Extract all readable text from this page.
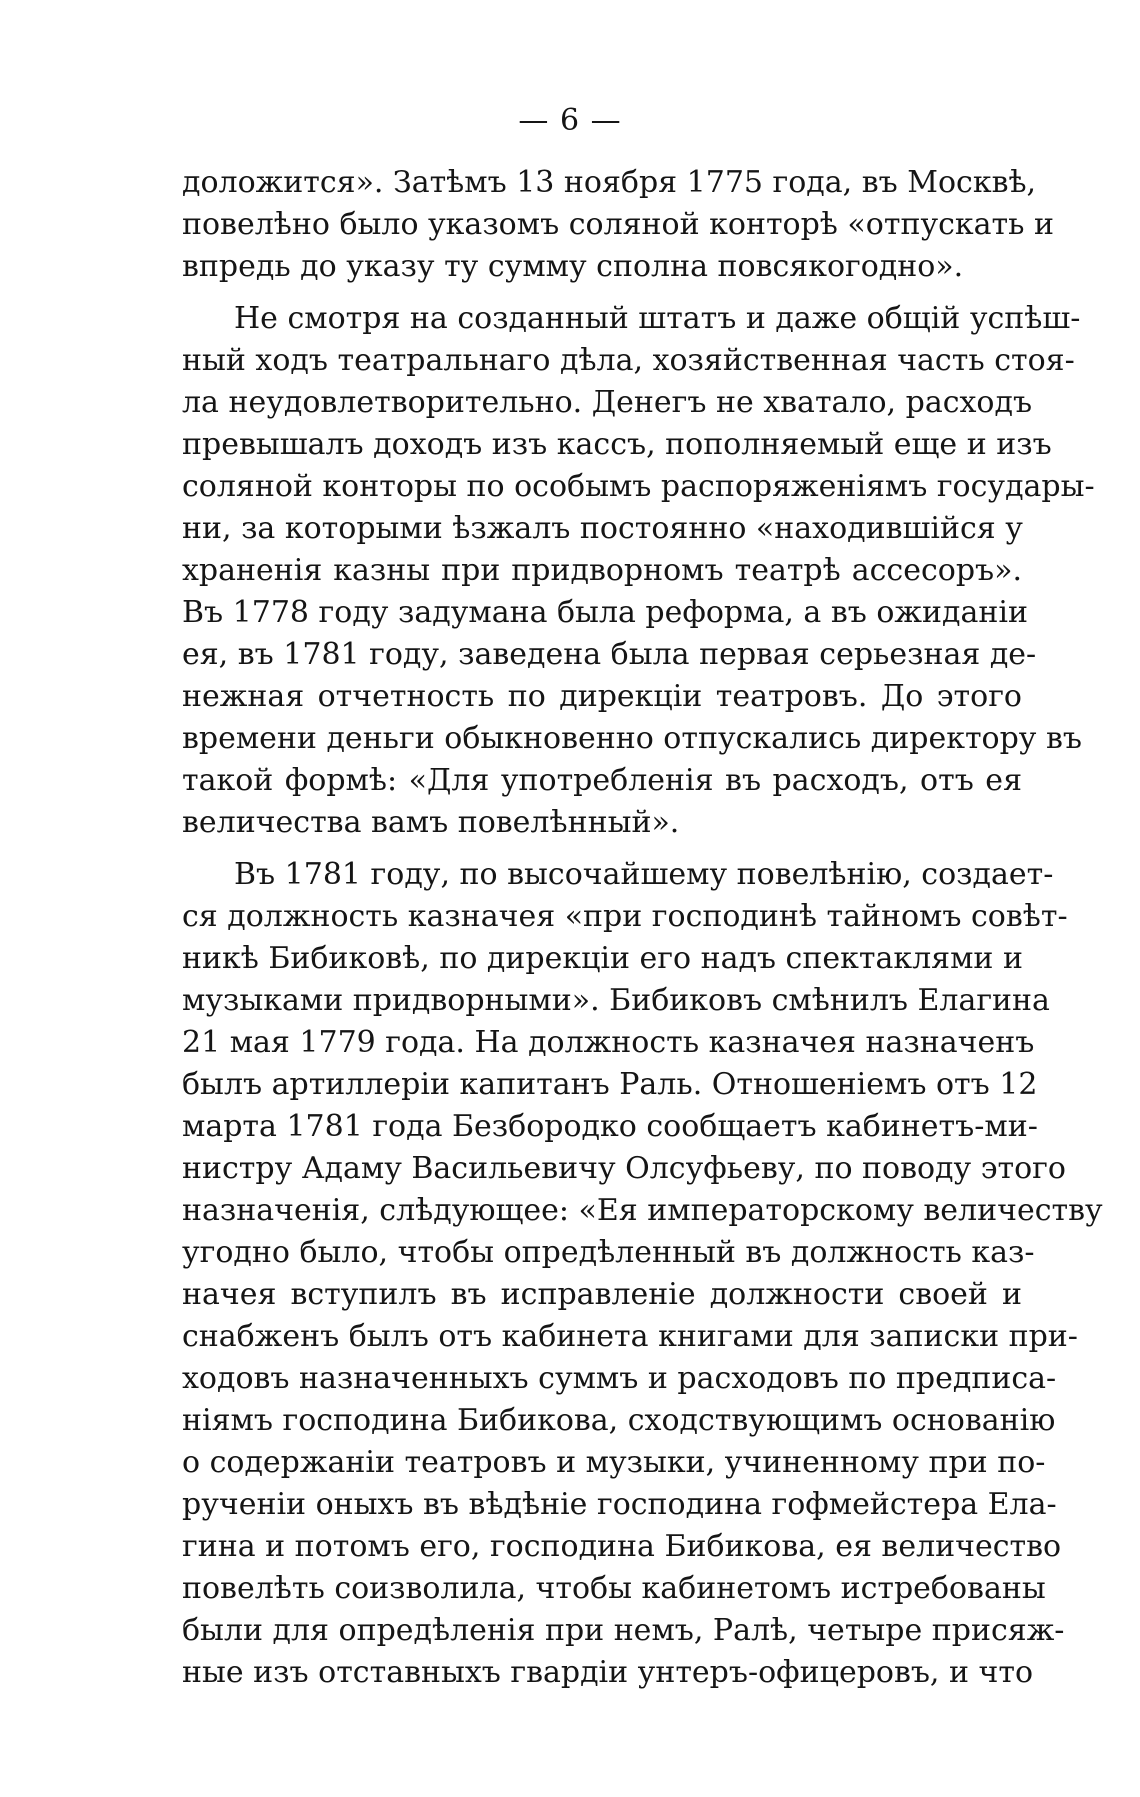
— 6 —
доложится». Затѣмъ 13 ноября 1775 года, въ Москвѣ,
повелѣно было указомъ соляной конторѣ «отпускать и
впредь до указу ту сумму сполна повсякогодно».
Не смотря на созданный штатъ и даже общій успѣш-
ный ходъ театральнаго дѣла, хозяйственная часть стоя-
ла неудовлетворительно. Денегъ не хватало, расходъ
превышалъ доходъ изъ кассъ, пополняемый еще и изъ
соляной конторы по особымъ распоряженіямъ государы-
ни, за которыми ѣзжалъ постоянно «находившійся у
храненія казны при придворномъ театрѣ ассесоръ».
Въ 1778 году задумана была реформа, а въ ожиданіи
ея, въ 1781 году, заведена была первая серьезная де-
нежная отчетность по дирекціи театровъ. До этого
времени деньги обыкновенно отпускались директору въ
такой формѣ: «Для употребленія въ расходъ, отъ ея
величества вамъ повелѣнный».
Въ 1781 году, по высочайшему повелѣнію, создает-
ся должность казначея «при господинѣ тайномъ совѣт-
никѣ Бибиковѣ, по дирекціи его надъ спектаклями и
музыками придворными». Бибиковъ смѣнилъ Елагина
21 мая 1779 года. На должность казначея назначенъ
былъ артиллеріи капитанъ Раль. Отношеніемъ отъ 12
марта 1781 года Безбородко сообщаетъ кабинетъ-ми-
нистру Адаму Васильевичу Олсуфьеву, по поводу этого
назначенія, слѣдующее: «Ея императорскому величеству
угодно было, чтобы опредѣленный въ должность каз-
начея вступилъ въ исправленіе должности своей и
снабженъ былъ отъ кабинета книгами для записки при-
ходовъ назначенныхъ суммъ и расходовъ по предписа-
ніямъ господина Бибикова, сходствующимъ основанію
о содержаніи театровъ и музыки, учиненному при по-
рученіи оныхъ въ вѣдѣніе господина гофмейстера Ела-
гина и потомъ его, господина Бибикова, ея величество
повелѣть соизволила, чтобы кабинетомъ истребованы
были для опредѣленія при немъ, Ралѣ, четыре присяж-
ные изъ отставныхъ гвардіи унтеръ-офицеровъ, и что
